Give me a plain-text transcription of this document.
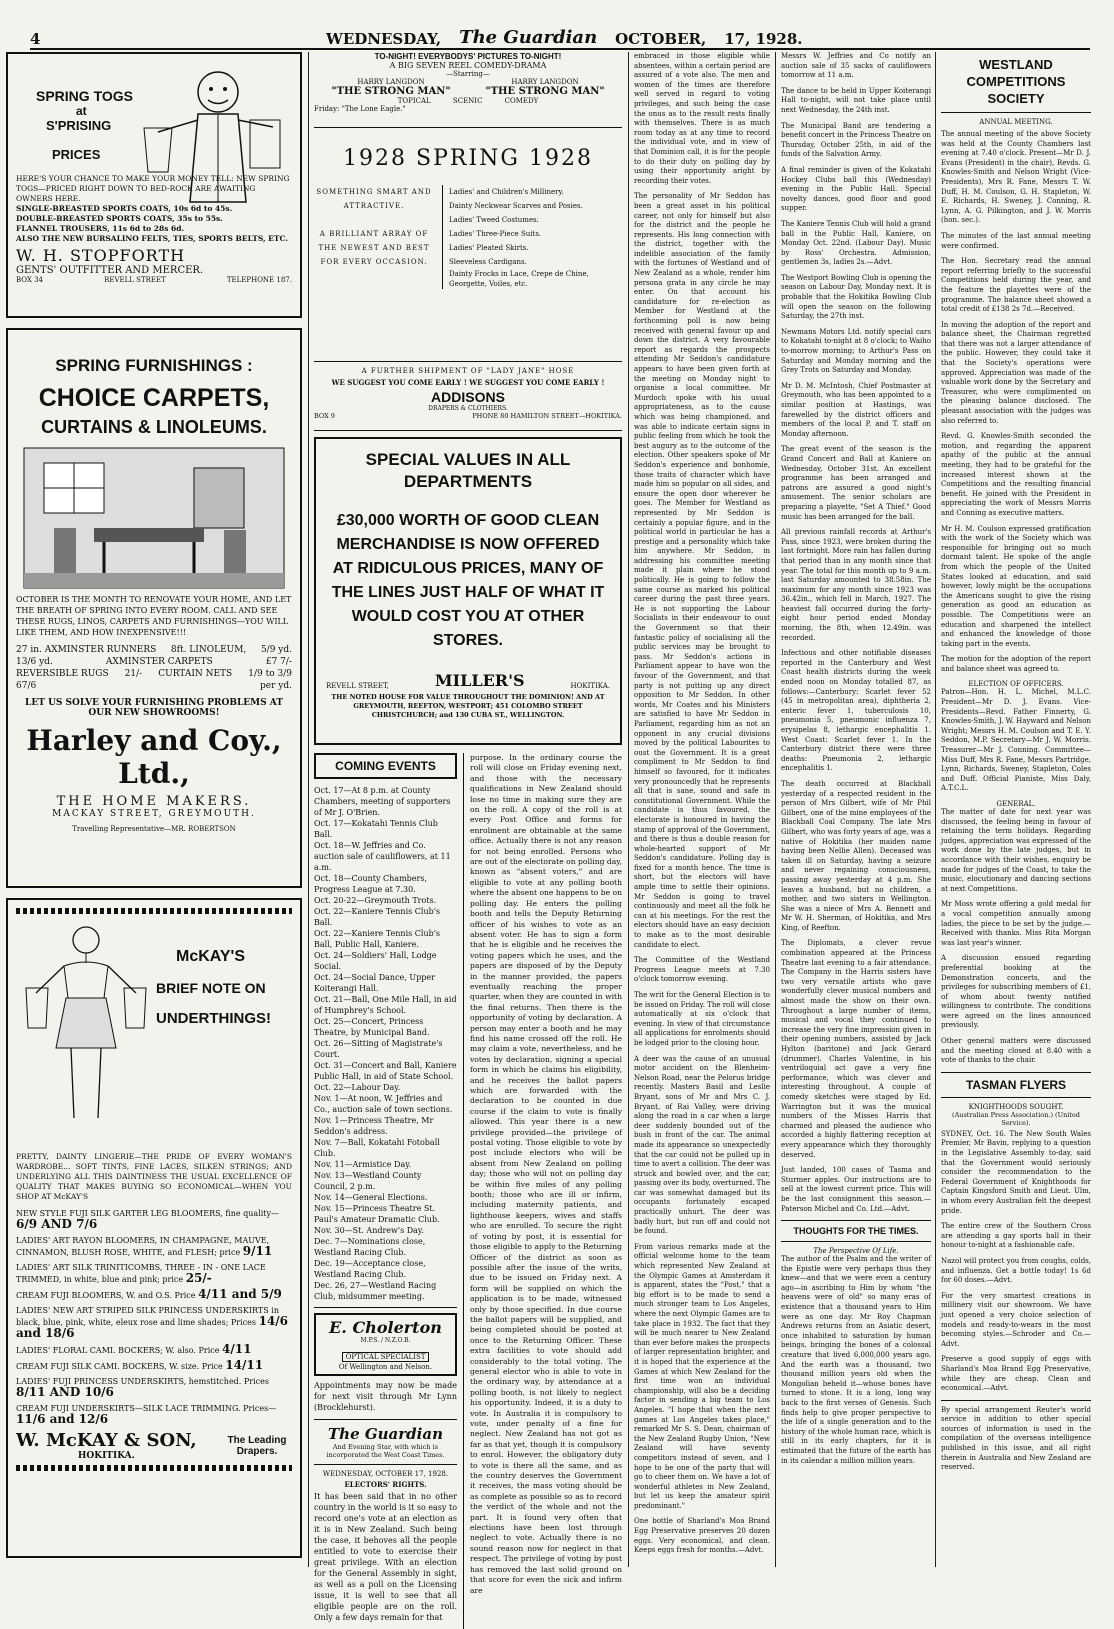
4	WEDNESDAY, The Guardian OCTOBER, 17, 1928.
SPRING TOGS
at
S'PRISING
PRICES
HERE'S YOUR CHANCE TO MAKE YOUR MONEY TELL: NEW SPRING TOGS—PRICED RIGHT DOWN TO BED-ROCK ARE AWAITING OWNERS HERE.
SINGLE-BREASTED SPORTS COATS, 10s 6d to 45s.
DOUBLE-BREASTED SPORTS COATS, 35s to 55s.
FLANNEL TROUSERS, 11s 6d to 28s 6d.
ALSO THE NEW BURSALINO FELTS, TIES, SPORTS BELTS, ETC.
W. H. STOPFORTH
GENTS' OUTFITTER AND MERCER.
BOX 34	REVELL STREET	TELEPHONE 187.
SPRING FURNISHINGS :
CHOICE CARPETS,
CURTAINS & LINOLEUMS.
OCTOBER IS THE MONTH TO RENOVATE YOUR HOME, AND LET THE BREATH OF SPRING INTO EVERY ROOM. CALL AND SEE THESE RUGS, LINOS, CARPETS AND FURNISHINGS—YOU WILL LIKE THEM, AND HOW INEXPENSIVE!!!
27 in. AXMINSTER RUNNERS 8ft. LINOLEUM, 5/9 yd.
13/6 yd.	AXMINSTER CARPETS	£7 7/-
REVERSIBLE RUGS 21/- CURTAIN NETS 1/9 to 3/9
67/6	per yd.
LET US SOLVE YOUR FURNISHING PROBLEMS AT OUR NEW SHOWROOMS!
Harley and Coy., Ltd.,
THE HOME MAKERS.
MACKAY STREET, GREYMOUTH.
Travelling Representative—MR. ROBERTSON
McKAY'S
BRIEF NOTE ON
UNDERTHINGS!
PRETTY, DAINTY LINGERIE—THE PRIDE OF EVERY WOMAN'S WARDROBE... SOFT TINTS, FINE LACES, SILKEN STRINGS; AND UNDERLYING ALL THIS DAINTINESS THE USUAL EXCELLENCE OF QUALITY THAT MAKES BUYING SO ECONOMICAL—WHEN YOU SHOP AT McKAY'S

NEW STYLE FUJI SILK GARTER LEG BLOOMERS, fine quality— 6/9 AND 7/6

LADIES' ART RAYON BLOOMERS, IN CHAMPAGNE, MAUVE, CINNAMON, BLUSH ROSE, WHITE, and FLESH; price 9/11

LADIES' ART SILK TRINITICOMBS, THREE - IN - ONE LACE TRIMMED, in white, blue and pink; price 25/-

CREAM FUJI BLOOMERS, W. and O.S. Price 4/11 and 5/9

LADIES' NEW ART STRIPED SILK PRINCESS UNDERSKIRTS in black, blue, pink, white, eleux rose and lime shades; Prices 14/6 and 18/6

LADIES' FLORAL CAMI. BOCKERS; W. also. Price 4/11

CREAM FUJI SILK CAMI. BOCKERS, W. size. Price 14/11

LADIES' FUJI PRINCESS UNDERSKIRTS, hemstitched. Prices 8/11 AND 10/6

CREAM FUJI UNDERSKIRTS—SILK LACE TRIMMING. Prices— 11/6 and 12/6

W. McKAY & SON,
HOKITIKA.
The Leading Drapers.
TO-NIGHT! EVERYBODYS' PICTURES TO-NIGHT!
A BIG SEVEN REEL COMEDY-DRAMA
—Starring—
HARRY LANGDON	HARRY LANGDON
"THE STRONG MAN"	"THE STRONG MAN"
TOPICAL          SCENIC          COMEDY
Friday: "The Lone Eagle."
1928 SPRING 1928
SOMETHING SMART AND ATTRACTIVE.
A BRILLIANT ARRAY OF THE NEWEST AND BEST FOR EVERY OCCASION.
Ladies' and Children's Millinery.
Dainty Neckwear Scarves and Posies.
Ladies' Tweed Costumes.
Ladies' Three-Piece Suits.
Ladies' Pleated Skirts.
Sleeveless Cardigans.
Dainty Frocks in Lace, Crepe de Chine, Georgette, Voiles, etc.
A FURTHER SHIPMENT OF "LADY JANE" HOSE
WE SUGGEST YOU COME EARLY ! WE SUGGEST YOU COME EARLY !
ADDISONS
DRAPERS & CLOTHIERS.
BOX 9	PHONE 80 HAMILTON STREET—HOKITIKA.
SPECIAL VALUES IN ALL DEPARTMENTS
£30,000 WORTH OF GOOD CLEAN MERCHANDISE IS NOW OFFERED AT RIDICULOUS PRICES, MANY OF THE LINES JUST HALF OF WHAT IT WOULD COST YOU AT OTHER STORES.
REVELL STREET,	MILLER'S	HOKITIKA.
THE NOTED HOUSE FOR VALUE THROUGHOUT THE DOMINION! AND AT GREYMOUTH, REEFTON, WESTPORT; 451 COLOMBO STREET CHRISTCHURCH; and 130 CUBA ST., WELLINGTON.
COMING EVENTS
Oct. 17—At 8 p.m. at County Chambers, meeting of supporters of Mr J. O'Brien.
Oct. 17—Kokatahi Tennis Club Ball.
Oct. 18—W. Jeffries and Co. auction sale of cauliflowers, at 11 a.m.
Oct. 18—County Chambers, Progress League at 7.30.
Oct. 20-22—Greymouth Trots.
Oct. 22—Kaniere Tennis Club's Ball.
Oct. 22—Kaniere Tennis Club's Ball, Public Hall, Kaniere.
Oct. 24—Soldiers' Hall, Lodge Social.
Oct. 24—Social Dance, Upper Koiterangi Hall.
Oct. 21—Ball, One Mile Hall, in aid of Humphrey's School.
Oct. 25—Concert, Princess Theatre, by Municipal Band.
Oct. 26—Sitting of Magistrate's Court.
Oct. 31—Concert and Ball, Kaniere Public Hall, in aid of State School.
Oct. 22—Labour Day.
Nov. 1—At noon, W. Jeffries and Co., auction sale of town sections.
Nov. 1—Princess Theatre, Mr Seddon's address.
Nov. 7—Ball, Kokatahi Fotoball Club.
Nov. 11—Armistice Day.
Nov. 13—Westland County Council, 2 p.m.
Nov. 14—General Elections.
Nov. 15—Princess Theatre St. Paul's Amateur Dramatic Club.
Nov. 30—St. Andrew's Day.
Dec. 7—Nominations close, Westland Racing Club.
Dec. 19—Acceptance close, Westland Racing Club.
Dec. 26, 27—Westland Racing Club, midsummer meeting.
E. Cholerton
M.P.S. / N.Z.O.B.
OPTICAL SPECIALIST
Of Wellington and Nelson.
Appointments may now be made for next visit through Mr Lynn (Brocklehurst).
The Guardian
And Evening Star, with which is incorporated the West Coast Times.
WEDNESDAY, OCTOBER 17, 1928.
ELECTORS' RIGHTS.
It has been said that in no other country in the world is it so easy to record one's vote at an election as it is in New Zealand. Such being the case, it behoves all the people entitled to vote to exercise their great privilege. With an election for the General Assembly in sight, as well as a poll on the Licensing issue, it is well to see that all eligible people are on the roll. Only a few days remain for that
purpose. In the ordinary course the roll will close on Friday evening next, and those with the necessary qualifications in New Zealand should lose no time in making sure they are on the roll. A copy of the roll is at every Post Office and forms for enrolment are obtainable at the same office. Actually there is not any reason for not being enrolled. Persons who are out of the electorate on polling day, known as "absent voters," and are eligible to vote at any polling booth where the absent one happens to be on polling day. He enters the polling booth and tells the Deputy Returning officer of his wishes to vote as an absent voter. He has to sign a form that he is eligible and he receives the voting papers which he uses, and the papers are disposed of by the Deputy in the manner provided, the papers eventually reaching the proper quarter, when they are counted in with the final returns. Then there is the opportunity of voting by declaration. A person may enter a booth and he may find his name crossed off the roll. He may claim a vote, nevertheless, and he votes by declaration, signing a special form in which he claims his eligibility, and he receives the ballot papers which are forwarded with the declaration to be counted in due course if the claim to vote is finally allowed. This year there is a new privilege provided—the privilege of postal voting. Those eligible to vote by post include electors who will be absent from New Zealand on polling day; those who will not on polling day be within five miles of any polling booth; those who are ill or infirm, including maternity patients, and lighthouse keepers, wives and staffs who are enrolled. To secure the right of voting by post, it is essential for those eligible to apply to the Returning Officer of the district as soon as possible after the issue of the writs, due to be issued on Friday next. A form will be supplied on which the application is to be made, witnessed only by those specified. In due course the ballot papers will be supplied, and being completed should be posted at once to the Returning Officer. These extra facilities to vote should add considerably to the total voting. The general elector who is able to vote in the ordinary way, by attendance at a polling booth, is not likely to neglect his opportunity. Indeed, it is a duty to vote. In Australia it is compulsory to vote, under penalty of a fine for neglect. New Zealand has not got as far as that yet, though it is compulsory to enrol. However, the obligatory duty to vote is there all the same, and as the country deserves the Government it receives, the mass voting should be as complete as possible so as to record the verdict of the whole and not the part. It is found very often that elections have been lost through neglect to vote. Actually there is no sound reason now for neglect in that respect. The privilege of voting by post has removed the last solid ground on that score for even the sick and infirm are
embraced in those eligible while absentees, within a certain period are assured of a vote also. The men and women of the times are therefore well served in regard to voting privileges, and such being the case the onus as to the result rests finally with themselves. There is as much room today as at any time to record the individual vote, and in view of that Dominion call, it is for the people to do their duty on polling day by using their opportunity aright by recording their votes.
The personality of Mr Seddon has been a great asset in his political career, not only for himself but also for the district and the people he represents. His long connection with the district, together with the indelible association of the family with the fortunes of Westland and of New Zealand as a whole, render him persona grata in any circle he may enter. On that account his candidature for re-election as Member for Westland at the forthcoming poll is now being received with general favour up and down the district. A very favourable report as regards the prospects attending Mr Seddon's candidature appears to have been given forth at the meeting on Monday night to organise a local committee. Mr Murdoch spoke with his usual appropriateness, as to the cause which was being championed, and was able to indicate certain signs in public feeling from which he took the best augury as to the outcome of the election. Other speakers spoke of Mr Seddon's experience and bonhomie, those traits of character which have made him so popular on all sides, and ensure the open door wherever he goes. The Member for Westland as represented by Mr Seddon is certainly a popular figure, and in the political world in particular he has a prestige and a personality which take him anywhere. Mr Seddon, in addressing his committee meeting made it plain where he stood politically. He is going to follow the same course as marked his political career during the past three years. He is not supporting the Labour Socialists in their endeavour to oust the Government so that their fantastic policy of socialising all the public services may be brought to pass. Mr Seddon's actions in Parliament appear to have won the favour of the Government, and that party is not putting up any direct opposition to Mr Seddon. In other words, Mr Coates and his Ministers are satisfied to have Mr Seddon in Parliament, regarding him as not an opponent in any crucial divisions moved by the political Labourites to oust the Government. It is a great compliment to Mr Seddon to find himself so favoured, for it indicates very pronouncedly that he represents all that is sane, sound and safe in constitutional Government. While the candidate is thus favoured, the electorate is honoured in having the stamp of approval of the Government, and there is thus a double reason for whole-hearted support of Mr Seddon's candidature. Polling day is fixed for a month hence. The time is short, but the electors will have ample time to settle their opinions. Mr Seddon is going to travel continuously and meet all the folk he can at his meetings. For the rest the electors should have an easy decision to make as to the most desirable candidate to elect.
The Committee of the Westland Progress League meets at 7.30 o'clock tomorrow evening.
The writ for the General Election is to be issued on Friday. The roll will close automatically at six o'clock that evening. In view of that circumstance all applications for enrolments should be lodged prior to the closing hour.
A deer was the cause of an unusual motor accident on the Blenheim-Nelson Road, near the Pelorus bridge recently. Masters Basil and Leslie Bryant, sons of Mr and Mrs C. J. Bryant, of Rai Valley, were driving along the road in a car when a large deer suddenly bounded out of the bush in front of the car. The animal made its appearance so unexpectedly that the car could not be pulled up in time to avert a collision. The deer was struck and bowled over, and the car, passing over its body, overturned. The car was somewhat damaged but its occupants fortunately escaped practically unhurt. The deer was badly hurt, but ran off and could not be found.
From various remarks made at the official welcome home to the team which represented New Zealand at the Olympic Games at Amsterdam it is apparent, states the "Post," that a big effort is to be made to send a much stronger team to Los Angeles, where the next Olympic Games are to take place in 1932. The fact that they will be much nearer to New Zealand than ever before makes the prospects of larger representation brighter, and it is hoped that the experience at the Games at which New Zealand for the first time won an individual championship, will also be a deciding factor in sending a big team to Los Angeles. "I hope that when the next games at Los Angeles takes place," remarked Mr S. S. Dean, chairman of the New Zealand Rugby Union, "New Zealand will have seventy competitors instead of seven, and I hope to be one of the party that will go to cheer them on. We have a lot of wonderful athletes in New Zealand, but let us keep the amateur spirit predominant."
One bottle of Sharland's Moa Brand Egg Preservative preserves 20 dozen eggs. Very economical, and clean. Keeps eggs fresh for months.—Advt.
Messrs W. Jeffries and Co notify an auction sale of 35 sacks of cauliflowers tomorrow at 11 a.m.
The dance to be held in Upper Koiterangi Hall to-night, will not take place until next Wednesday, the 24th inst.
The Municipal Band are tendering a benefit concert in the Princess Theatre on Thursday, October 25th, in aid of the funds of the Salvation Army.
A final reminder is given of the Kokatahi Hockey Clubs ball this (Wednesday) evening in the Public Hall. Special novelty dances, good floor and good supper.
The Kaniere Tennis Club will hold a grand ball in the Public Hall, Kaniere, on Monday Oct. 22nd. (Labour Day). Music by Ross' Orchestra. Admission, gentlemen 3s, ladies 2s.—Advt.
The Westport Bowling Club is opening the season on Labour Day, Monday next. It is probable that the Hokitika Bowling Club will open the season on the following Saturday, the 27th inst.
Newmans Motors Ltd. notify special cars to Kokatahi to-night at 8 o'clock; to Waiho to-morrow morning; to Arthur's Pass on Saturday and Monday morning and the Grey Trots on Saturday and Monday.
Mr D. M. McIntosh, Chief Postmaster at Greymouth, who has been appointed to a similar position at Hastings, was farewelled by the district officers and members of the local P. and T. staff on Monday afternoon.
The great event of the season is the Grand Concert and Ball at Kaniere on Wednesday, October 31st. An excellent programme has been arranged and patrons are assured a good night's amusement. The senior scholars are preparing a playette, "Set A Thief." Good music has been arranged for the ball.
All previous rainfall records at Arthur's Pass, since 1923, were broken during the last fortnight. More rain has fallen during that period than in any month since that year. The total for this month up to 9 a.m. last Saturday amounted to 38.58in. The maximum for any month since 1923 was 36.42in., which fell in March, 1927. The heaviest fall occurred during the forty-eight hour period ended Monday morning, the 8th, when 12.49in. was recorded.
Infectious and other notifiable diseases reported in the Canterbury and West Coast health districts during the week ended noon on Monday totalled 87, as follows:—Canterbury: Scarlet fever 52 (45 in metropolitan area), diphtheria 2, enteric fever 1, tuberculosis 10, pneumonia 5, pneumonic influenza 7, erysipelas 8, lethargic encephalitis 1. West Coast: Scarlet fever 1. In the Canterbury district there were three deaths: Pneumonia 2, lethargic encephalitis 1.
The death occurred at Blackball yesterday of a respected resident in the person of Mrs Gilbert, wife of Mr Phil Gilbert, one of the mine employees of the Blackball Coal Company. The late Mrs Gilbert, who was forty years of age, was a native of Hokitika (her maiden name having been Nellie Allen). Deceased was taken ill on Saturday, having a seizure and never regaining consciousness, passing away yesterday at 4 p.m. She leaves a husband, but no children, a mother, and two sisters in Wellington. She was a niece of Mrs A. Bennett and Mr W. H. Sherman, of Hokitika, and Mrs King, of Reefton.
The Diplomats, a clever revue combination appeared at the Princess Theatre last evening to a fair attendance. The Company in the Harris sisters have two very versatile artists who gave wonderfully clever musical numbers and almost made the show on their own. Throughout a large number of items, musical and vocal they continued to increase the very fine impression given in their opening numbers, assisted by Jack Hylton (baritone) and Jack Gerard (drummer). Charles Valentine, in his ventriloquial act gave a very fine performance, which was clever and interesting throughout. A couple of comedy sketches were staged by Ed. Warrington but it was the musical numbers of the Misses Harris that charmed and pleased the audience who accorded a highly flattering reception at every appearance which they thoroughly deserved.
Just landed, 100 cases of Tasma and Sturmer apples. Our instructions are to sell at the lowest current price. This will be the last consignment this season.—Paterson Michel and Co. Ltd.—Advt.
THOUGHTS FOR THE TIMES.
The Perspective Of Life.
The author of the Psalm and the writer of the Epistle were very perhaps thus they knew—and that we were even a century ago—in ascribing to Him by whom "the heavens were of old" so many eras of existence that a thousand years to Him were as one day. Mr Roy Chapman Andrews returns from an Asiatic desert, once inhabited to saturation by human beings, bringing the bones of a colossal creature that lived 6,000,000 years ago. And the earth was a thousand, two thousand million years old when the Mongolian beheld it—whose bones have turned to stone. It is a long, long way back to the first verses of Genesis. Such finds help to give proper perspective to the life of a single generation and to the history of the whole human race, which is still in its early chapters, for it is estimated that the future of the earth has in its calendar a million million years.
WESTLAND COMPETITIONS SOCIETY
ANNUAL MEETING.
The annual meeting of the above Society was held at the County Chambers last evening at 7.40 o'clock. Present—Mr D. J. Evans (President) in the chair), Revds. G. Knowles-Smith and Nelson Wright (Vice-Presidents), Mrs R. Fane, Messrs T. W. Duff, H. M. Coulson, G. H. Stapleton, W. E. Richards, H. Sweney, J. Conning, R. Lynn, A. G. Pilkington, and J. W. Morris (hon. sec.).
The minutes of the last annual meeting were confirmed.
The Hon. Secretary read the annual report referring briefly to the successful Competitions held during the year, and the feature the playettes were of the programme. The balance sheet showed a total credit of £138 2s 7d.—Received.
In moving the adoption of the report and balance sheet, the Chairman regretted that there was not a larger attendance of the public. However, they could take it that the Society's operations were approved. Appreciation was made of the valuable work done by the Secretary and Treasurer, who were complimented on the pleasing balance disclosed. The pleasant association with the judges was also referred to.
Revd. G. Knowles-Smith seconded the motion, and regarding the apparent apathy of the public at the annual meeting, they had to be grateful for the increased interest shown at the Competitions and the resulting financial benefit. He joined with the President in appreciating the work of Messrs Morris and Conning as executive matters.
Mr H. M. Coulson expressed gratification with the work of the Society which was responsible for bringing out so much dormant talent. He spoke of the angle from which the people of the United States looked at education, and said however, lowly might be the occupations the Americans sought to give the rising generation as good an education as possible. The Competitions were an education and sharpened the intellect and enhanced the knowledge of those taking part in the events.
The motion for the adoption of the report and balance sheet was agreed to.
ELECTION OF OFFICERS.
Patron—Hon. H. L. Michel, M.L.C. President—Mr D. J. Evans. Vice-Presidents—Revd. Father Finnerty, G. Knowles-Smith, J. W. Hayward and Nelson Wright; Messrs H. M. Coulson and T. E. Y. Seddon, M.P. Secretary—Mr J. W. Morris. Treasurer—Mr J. Conning. Committee—Miss Duff, Mrs R. Fane, Messrs Partridge, Lynn, Richards, Sweney, Stapleton, Coles and Duff. Official Pianiste, Miss Daly, A.T.C.L.
GENERAL.
The matter of date for next year was discussed, the feeling being in favour of retaining the term holidays. Regarding judges, appreciation was expressed of the work done by the late judges, but in accordance with their wishes, enquiry be made for judges of the Coast, to take the music, elocutionary and dancing sections at next Competitions.
Mr Moss wrote offering a gold medal for a vocal competition annually among ladies, the piece to be set by the judge.—Received with thanks. Miss Rita Morgan was last year's winner.
A discussion ensued regarding preferential booking at the Demonstration concerts, and the privileges for subscribing members of £1, of whom about twenty notified willingness to contribute. The conditions were agreed on the lines announced previously.
Other general matters were discussed and the meeting closed at 8.40 with a vote of thanks to the chair.
TASMAN FLYERS
KNIGHTHOODS SOUGHT.
(Australian Press Association.) (United Service).
SYDNEY, Oct. 16. The New South Wales Premier, Mr Bavin, replying to a question in the Legislative Assembly to-day, said that the Government would seriously consider the recommendation to the Federal Government of Knighthoods for Captain Kingsford Smith and Lieut. Ulm, in whom every Australian felt the deepest pride.
The entire crew of the Southern Cross are attending a gay sports ball in their honour to-night at a fashionable cafe.
Nazol will protect you from coughs, colds, and influenza. Get a bottle today! 1s 6d for 60 doses.—Advt.
For the very smartest creations in millinery visit our showroom. We have just opened a very choice selection of models and ready-to-wears in the most becoming styles.—Schroder and Co.—Advt.
Preserve a good supply of eggs with Sharland's Moa Brand Egg Preservative, while they are cheap. Clean and economical.—Advt.
By special arrangement Reuter's world service in addition to other special sources of information is used in the compilation of the overseas intelligence published in this issue, and all right therein in Australia and New Zealand are reserved.
